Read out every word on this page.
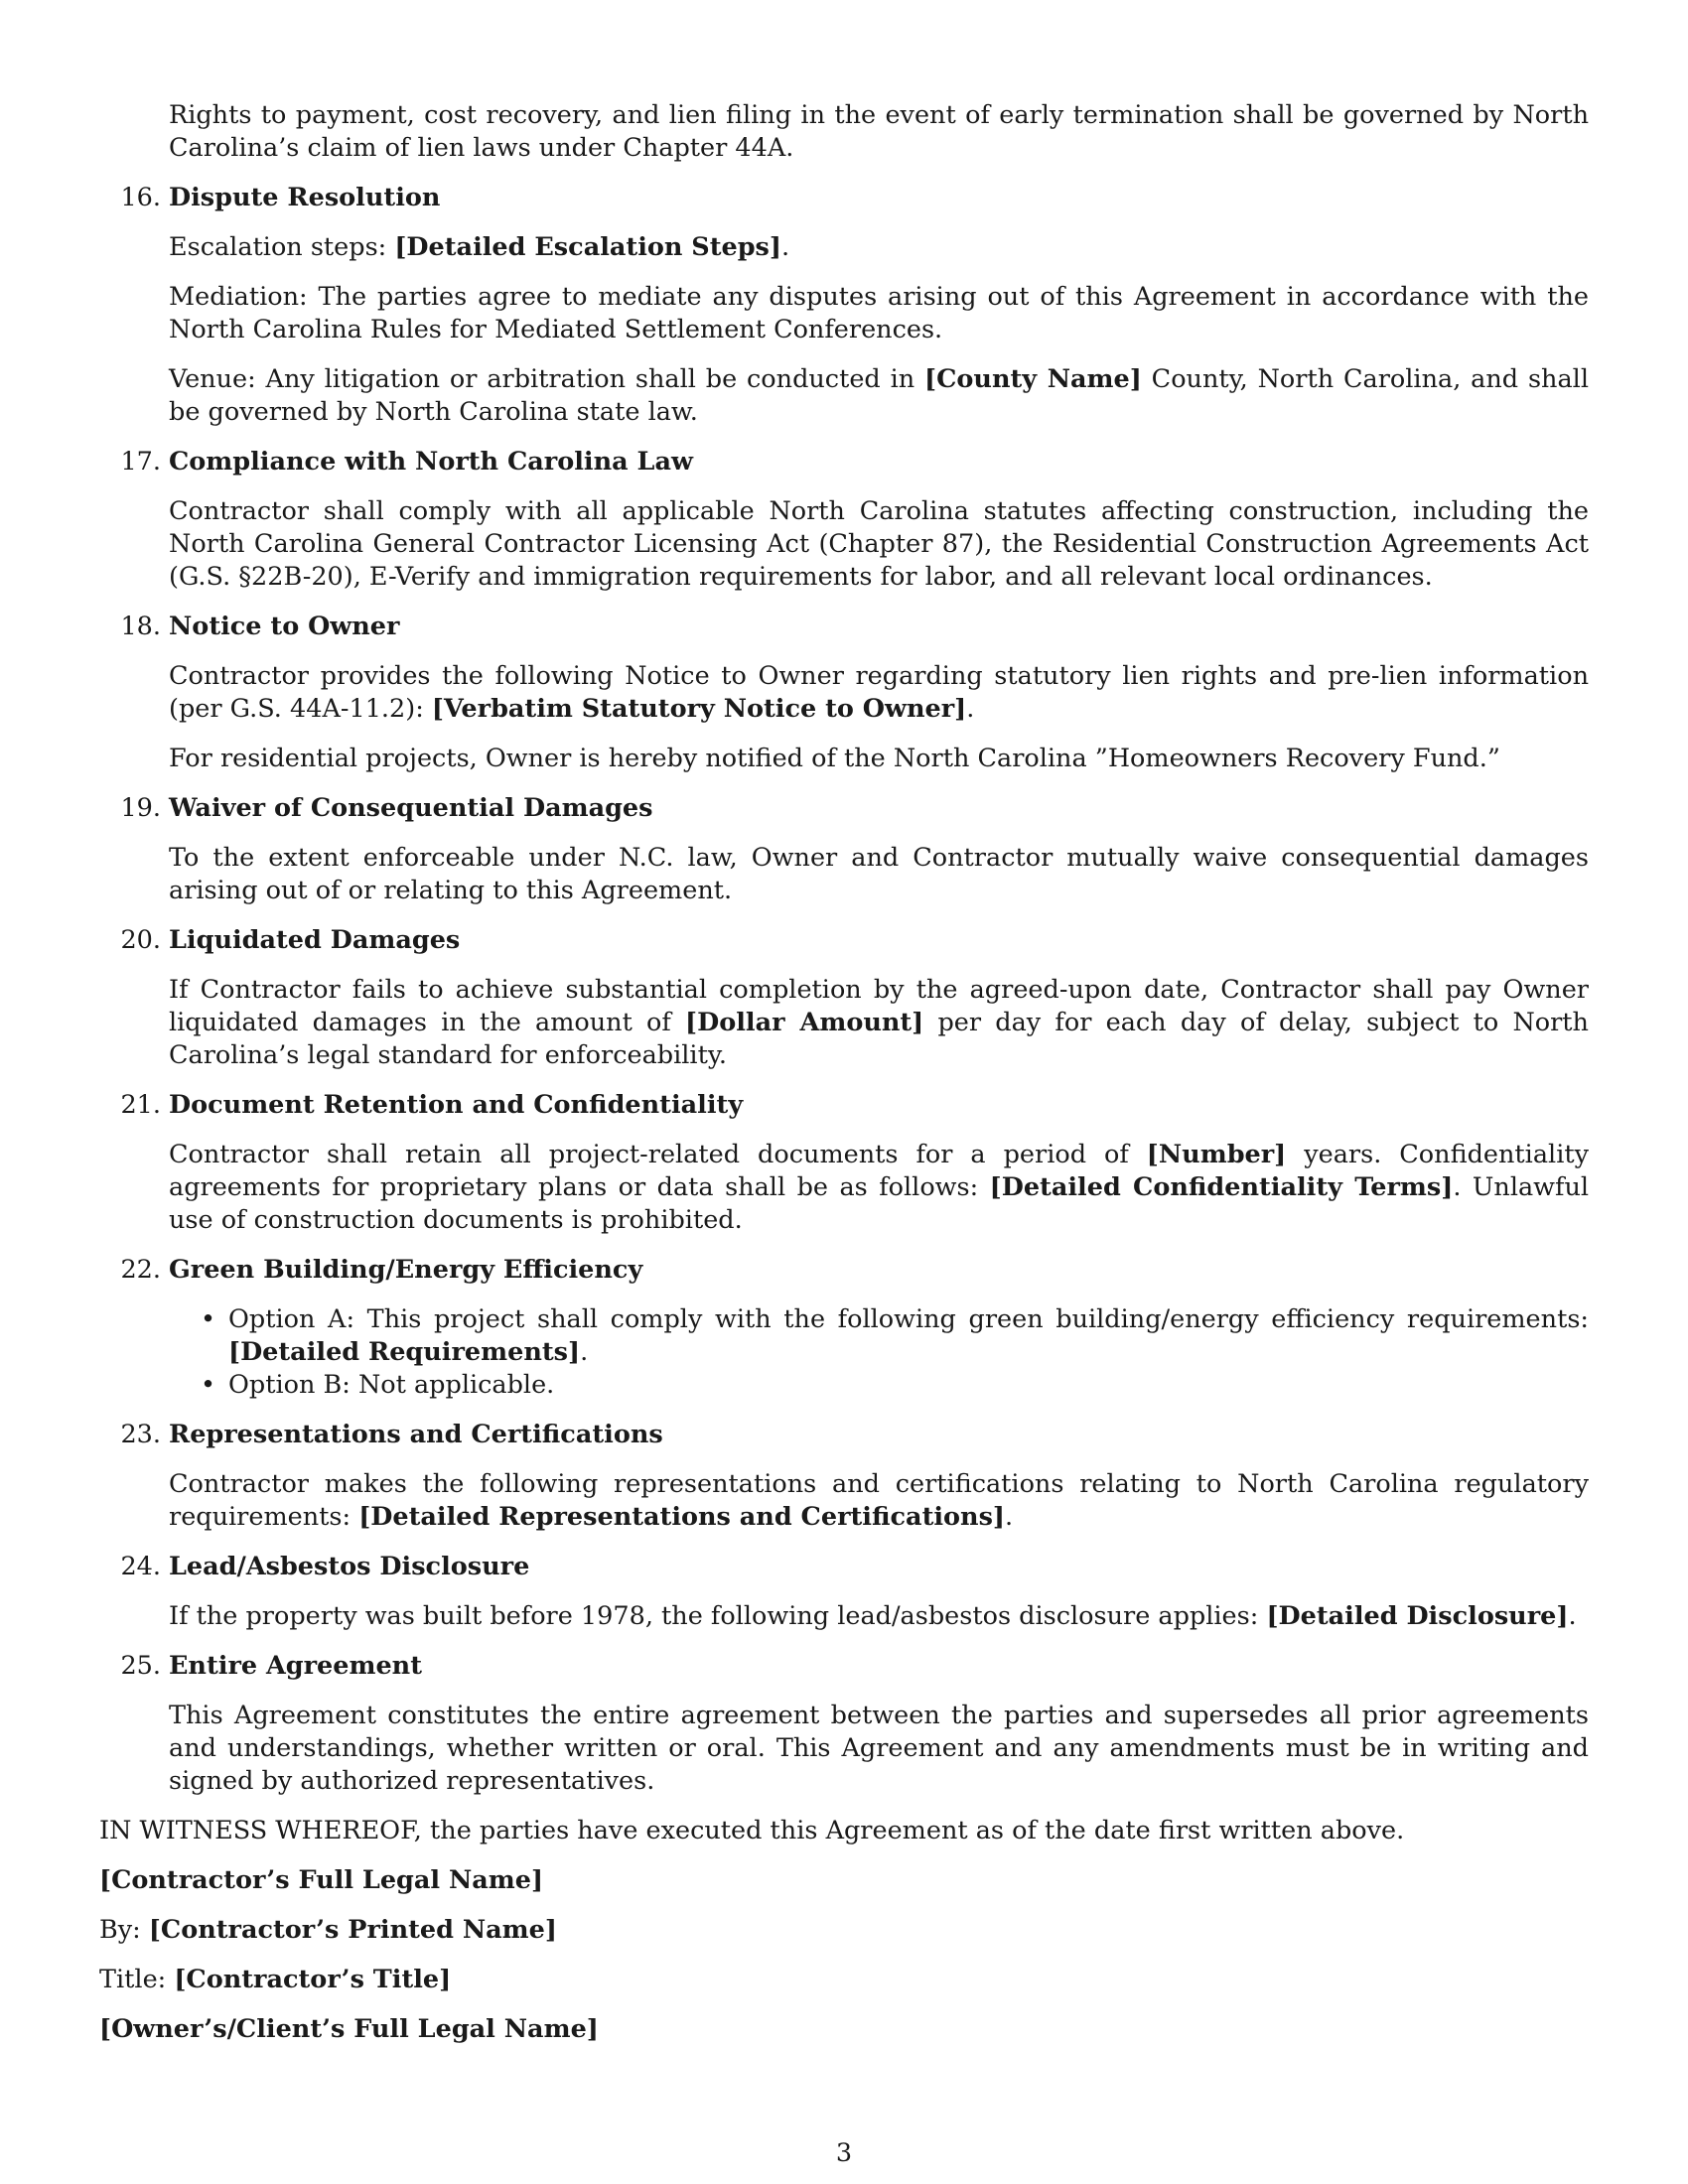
Rights to payment, cost recovery, and lien filing in the event of early termination shall be governed by North Carolina’s claim of lien laws under Chapter 44A.

16. Dispute Resolution

Escalation steps: [Detailed Escalation Steps].

Mediation: The parties agree to mediate any disputes arising out of this Agreement in accordance with the North Carolina Rules for Mediated Settlement Conferences.

Venue: Any litigation or arbitration shall be conducted in [County Name] County, North Carolina, and shall be governed by North Carolina state law.

17. Compliance with North Carolina Law

Contractor shall comply with all applicable North Carolina statutes affecting construction, including the North Carolina General Contractor Licensing Act (Chapter 87), the Residential Construction Agreements Act (G.S. §22B-20), E-Verify and immigration requirements for labor, and all relevant local ordinances.

18. Notice to Owner

Contractor provides the following Notice to Owner regarding statutory lien rights and pre-lien information (per G.S. 44A-11.2): [Verbatim Statutory Notice to Owner].

For residential projects, Owner is hereby notified of the North Carolina ”Homeowners Recovery Fund.”

19. Waiver of Consequential Damages

To the extent enforceable under N.C. law, Owner and Contractor mutually waive consequential damages arising out of or relating to this Agreement.

20. Liquidated Damages

If Contractor fails to achieve substantial completion by the agreed-upon date, Contractor shall pay Owner liquidated damages in the amount of [Dollar Amount] per day for each day of delay, subject to North Carolina’s legal standard for enforceability.

21. Document Retention and Confidentiality

Contractor shall retain all project-related documents for a period of [Number] years. Confidentiality agreements for proprietary plans or data shall be as follows: [Detailed Confidentiality Terms]. Unlawful use of construction documents is prohibited.

22. Green Building/Energy Efficiency

• Option A: This project shall comply with the following green building/energy efficiency requirements: [Detailed Requirements].
• Option B: Not applicable.
23. Representations and Certifications

Contractor makes the following representations and certifications relating to North Carolina regulatory requirements: [Detailed Representations and Certifications].

24. Lead/Asbestos Disclosure

If the property was built before 1978, the following lead/asbestos disclosure applies: [Detailed Disclosure].

25. Entire Agreement

This Agreement constitutes the entire agreement between the parties and supersedes all prior agreements and understandings, whether written or oral. This Agreement and any amendments must be in writing and signed by authorized representatives.

IN WITNESS WHEREOF, the parties have executed this Agreement as of the date first written above.

[Contractor’s Full Legal Name]

By: [Contractor’s Printed Name]

Title: [Contractor’s Title]

[Owner’s/Client’s Full Legal Name]

3
